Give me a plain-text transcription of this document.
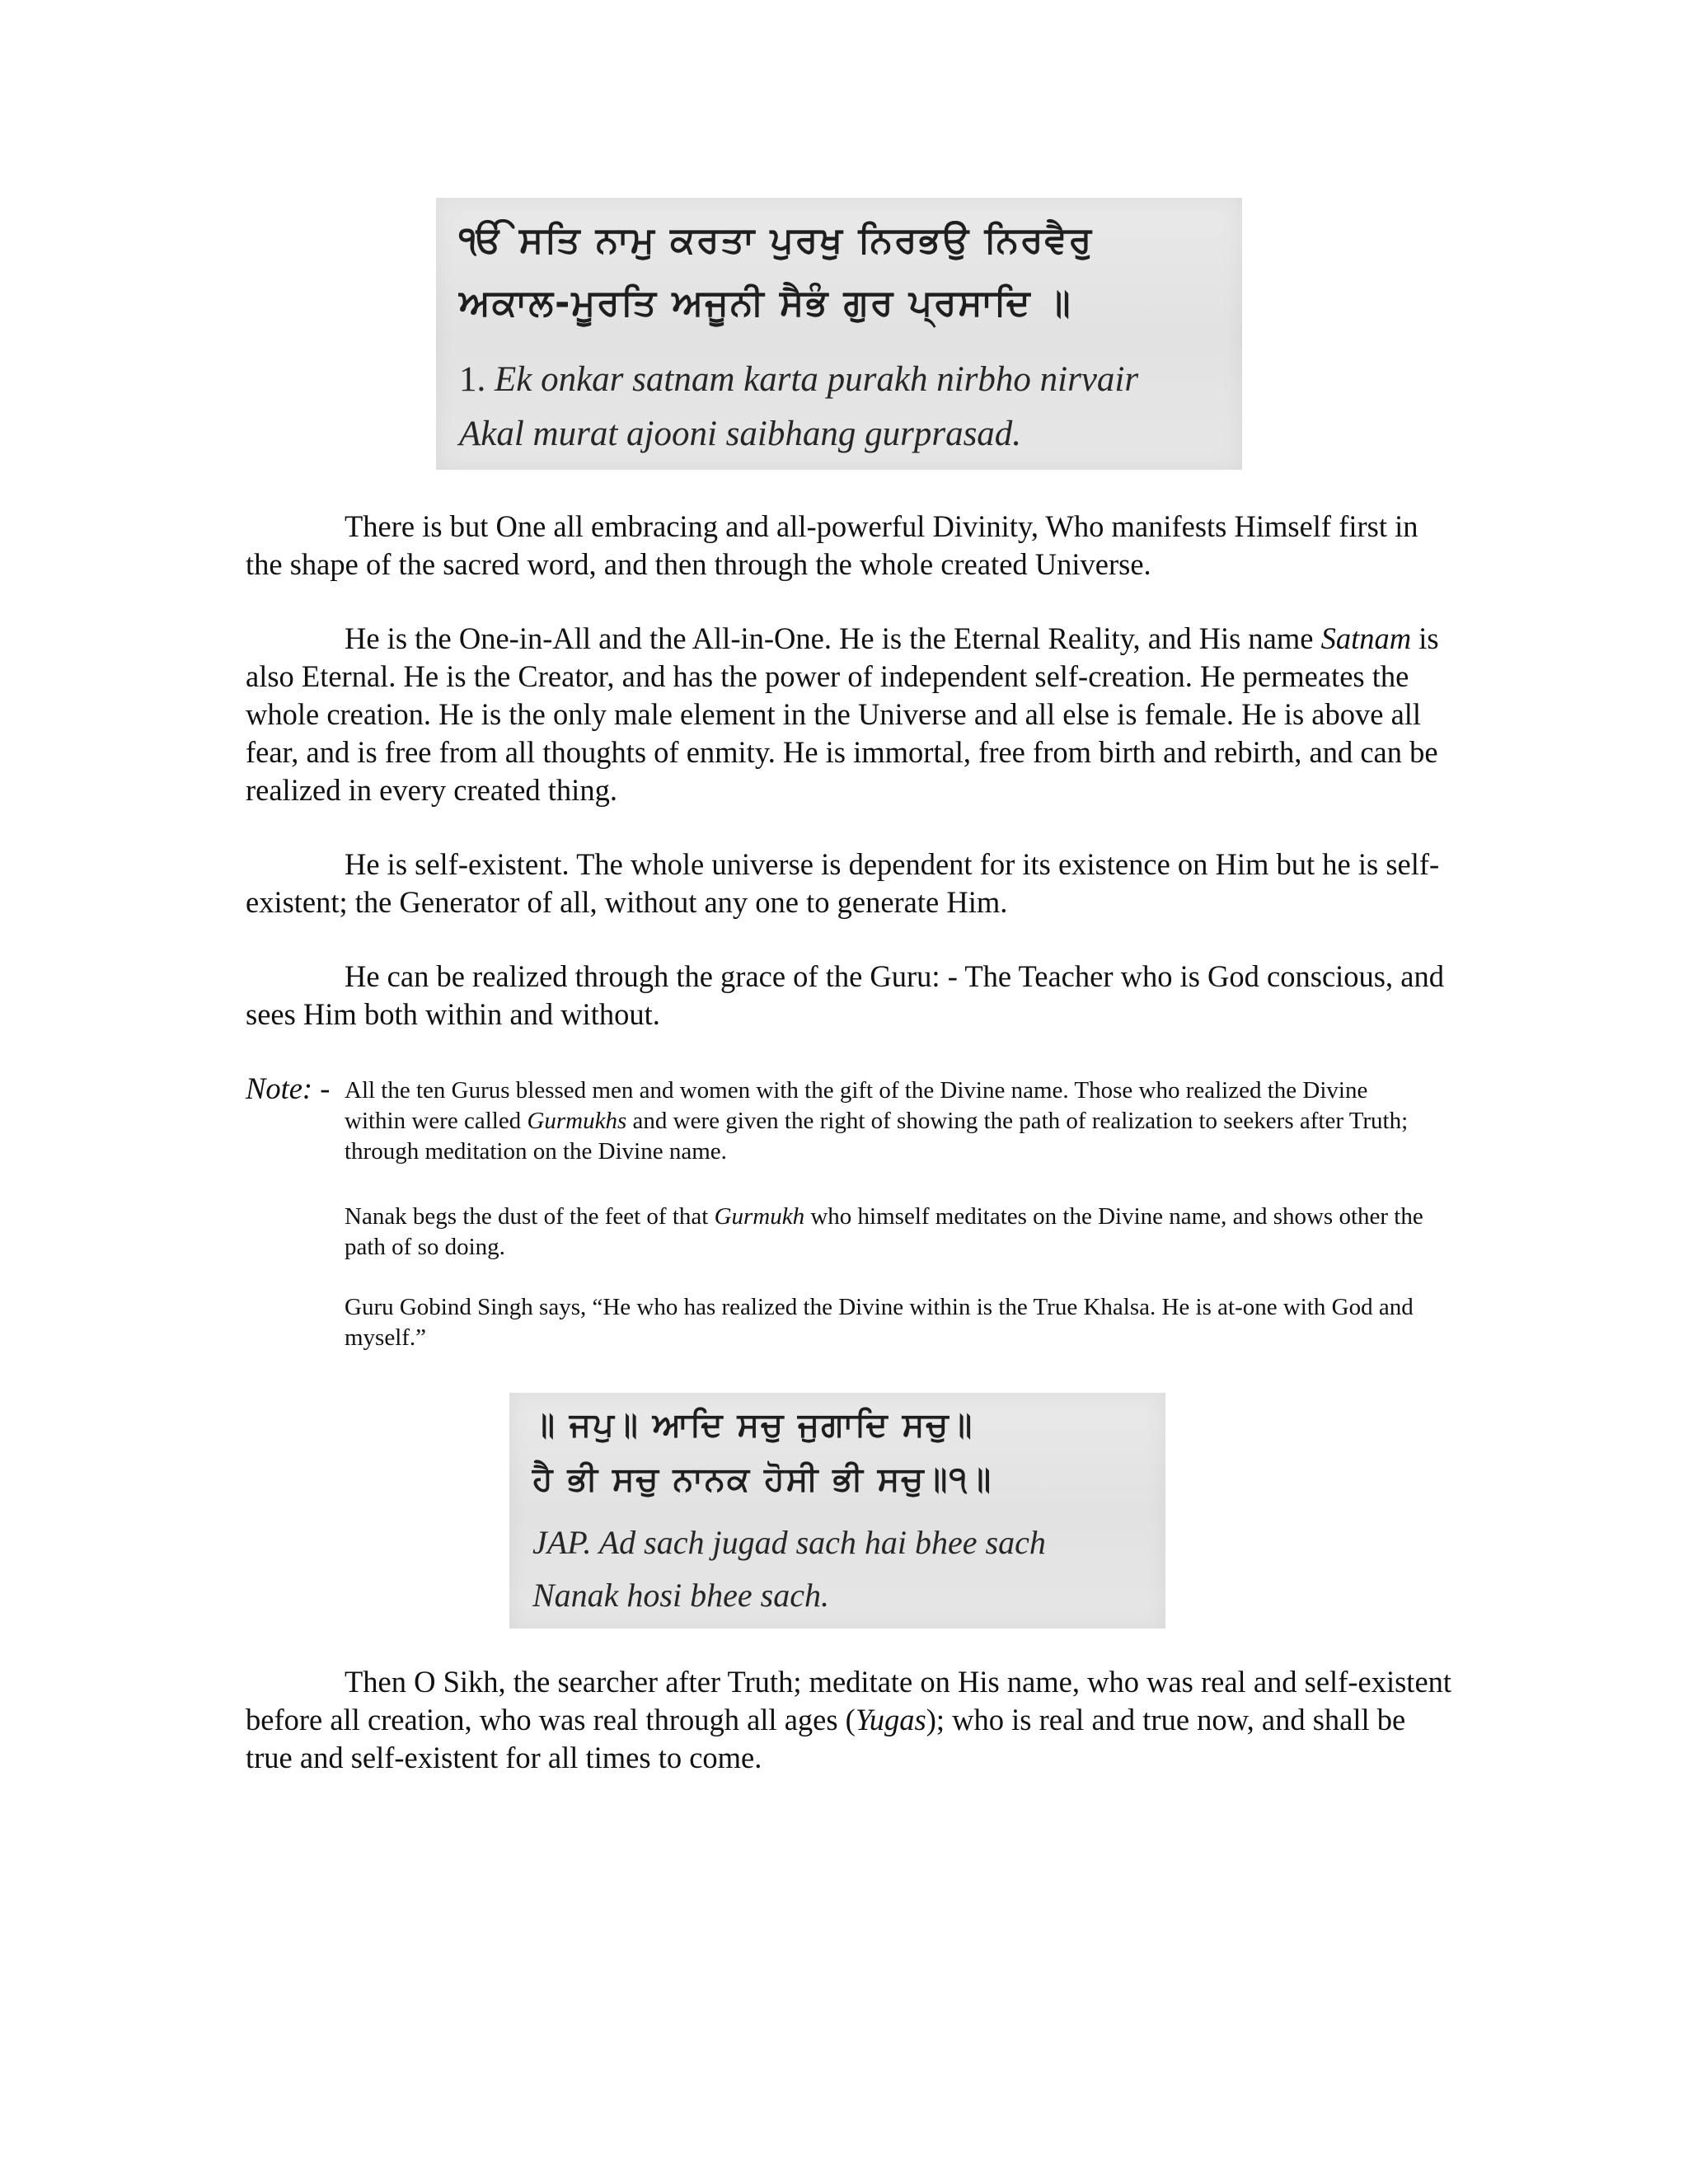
ੴ ਸਤਿ ਨਾਮੁ ਕਰਤਾ ਪੁਰਖੁ ਨਿਰਭਉ ਨਿਰਵੈਰੁ
ਅਕਾਲ-ਮੂਰਤਿ ਅਜੂਨੀ ਸੈਭੰ ਗੁਰ ਪ੍ਰਸਾਦਿ ॥
1. Ek onkar satnam karta purakh nirbho nirvair
Akal murat ajooni saibhang gurprasad.

There is but One all embracing and all-powerful Divinity, Who manifests Himself first in the shape of the sacred word, and then through the whole created Universe.

He is the One-in-All and the All-in-One. He is the Eternal Reality, and His name Satnam is also Eternal. He is the Creator, and has the power of independent self-creation. He permeates the whole creation. He is the only male element in the Universe and all else is female. He is above all fear, and is free from all thoughts of enmity. He is immortal, free from birth and rebirth, and can be realized in every created thing.

He is self-existent. The whole universe is dependent for its existence on Him but he is self-existent; the Generator of all, without any one to generate Him.

He can be realized through the grace of the Guru: - The Teacher who is God conscious, and sees Him both within and without.

Note: - All the ten Gurus blessed men and women with the gift of the Divine name. Those who realized the Divine within were called Gurmukhs and were given the right of showing the path of realization to seekers after Truth; through meditation on the Divine name.

Nanak begs the dust of the feet of that Gurmukh who himself meditates on the Divine name, and shows other the path of so doing.

Guru Gobind Singh says, “He who has realized the Divine within is the True Khalsa. He is at-one with God and myself.”

॥ ਜਪੁ॥ ਆਦਿ ਸਚੁ ਜੁਗਾਦਿ ਸਚੁ॥
ਹੈ ਭੀ ਸਚੁ ਨਾਨਕ ਹੋਸੀ ਭੀ ਸਚੁ॥੧॥
JAP. Ad sach jugad sach hai bhee sach
Nanak hosi bhee sach.

Then O Sikh, the searcher after Truth; meditate on His name, who was real and self-existent before all creation, who was real through all ages (Yugas); who is real and true now, and shall be true and self-existent for all times to come.
